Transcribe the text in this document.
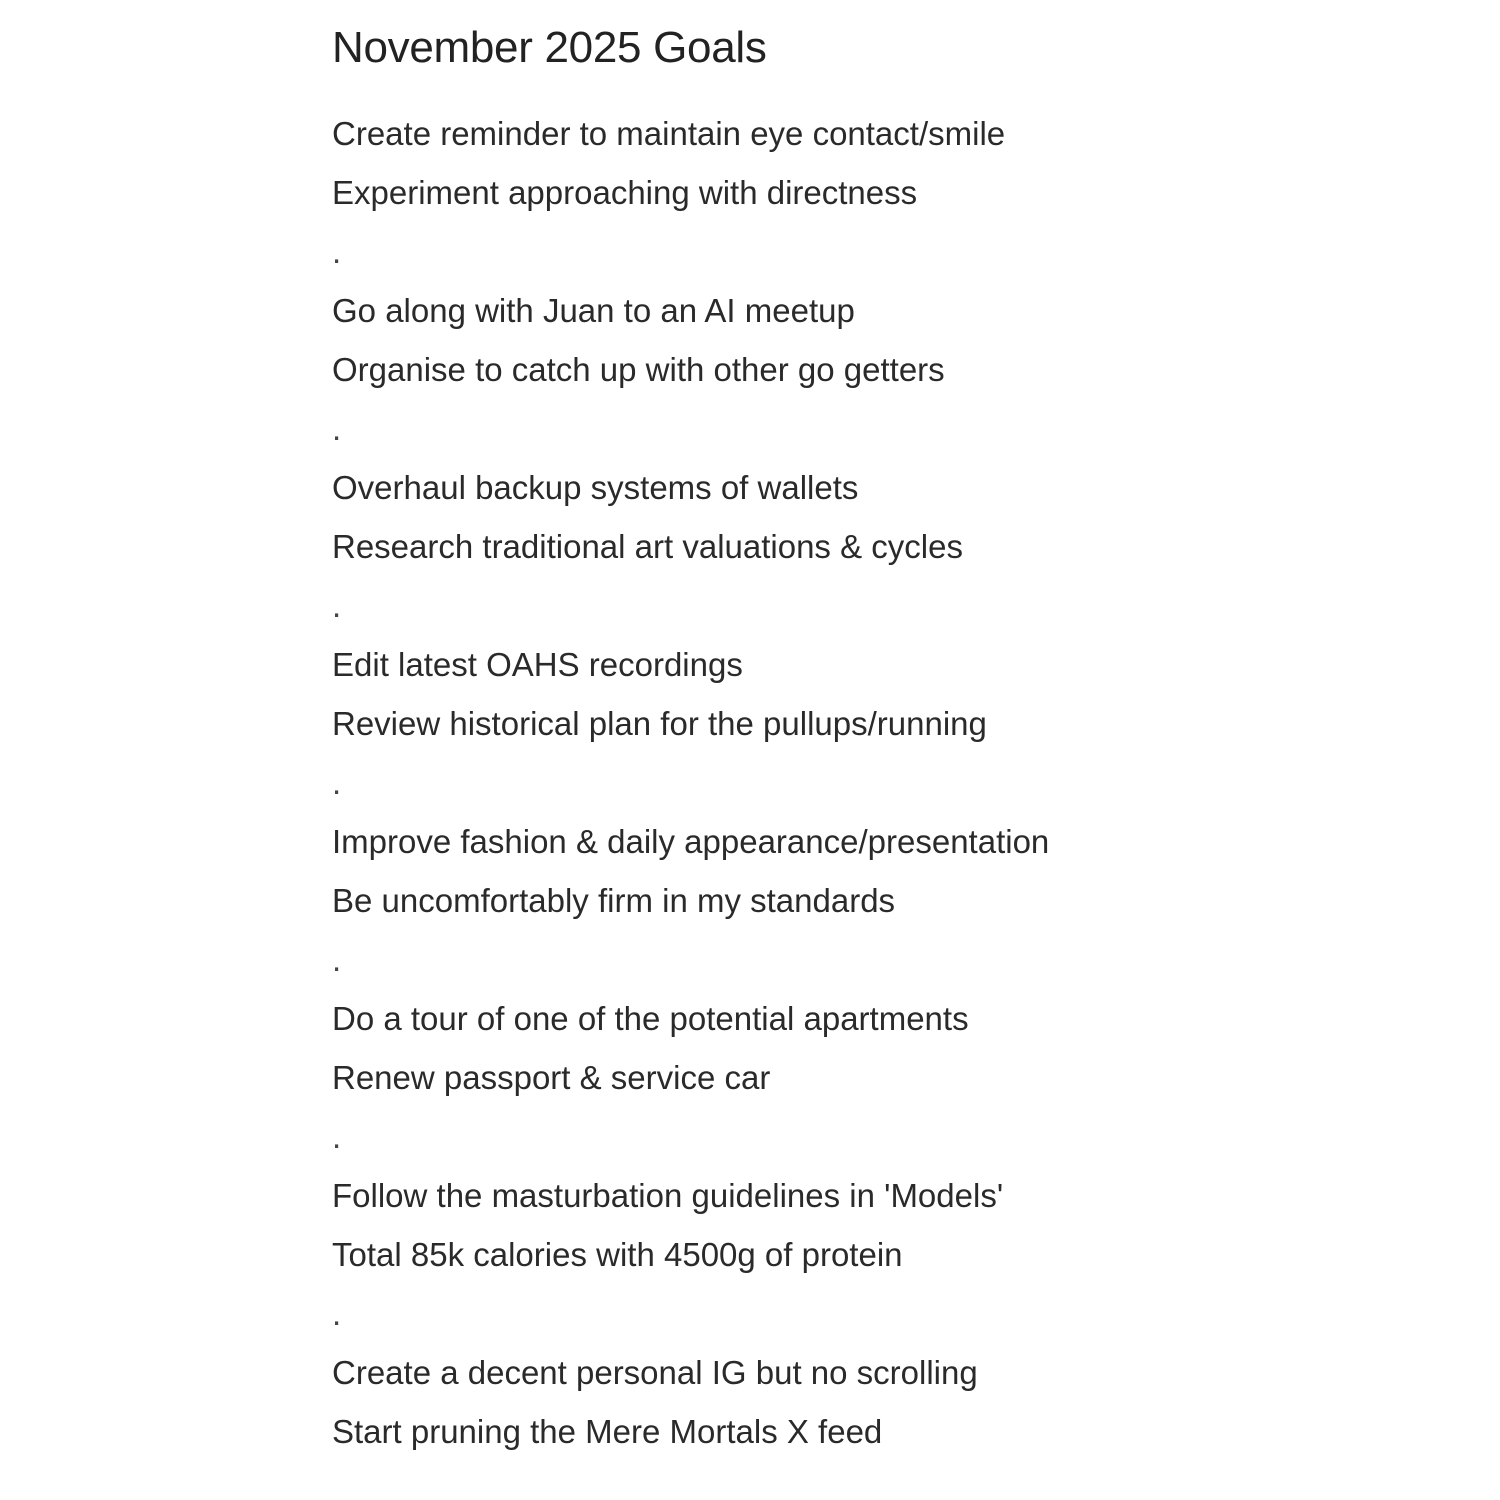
November 2025 Goals
Create reminder to maintain eye contact/smile
Experiment approaching with directness
.
Go along with Juan to an AI meetup
Organise to catch up with other go getters
.
Overhaul backup systems of wallets
Research traditional art valuations & cycles
.
Edit latest OAHS recordings
Review historical plan for the pullups/running
.
Improve fashion & daily appearance/presentation
Be uncomfortably firm in my standards
.
Do a tour of one of the potential apartments
Renew passport & service car
.
Follow the masturbation guidelines in 'Models'
Total 85k calories with 4500g of protein
.
Create a decent personal IG but no scrolling
Start pruning the Mere Mortals X feed
